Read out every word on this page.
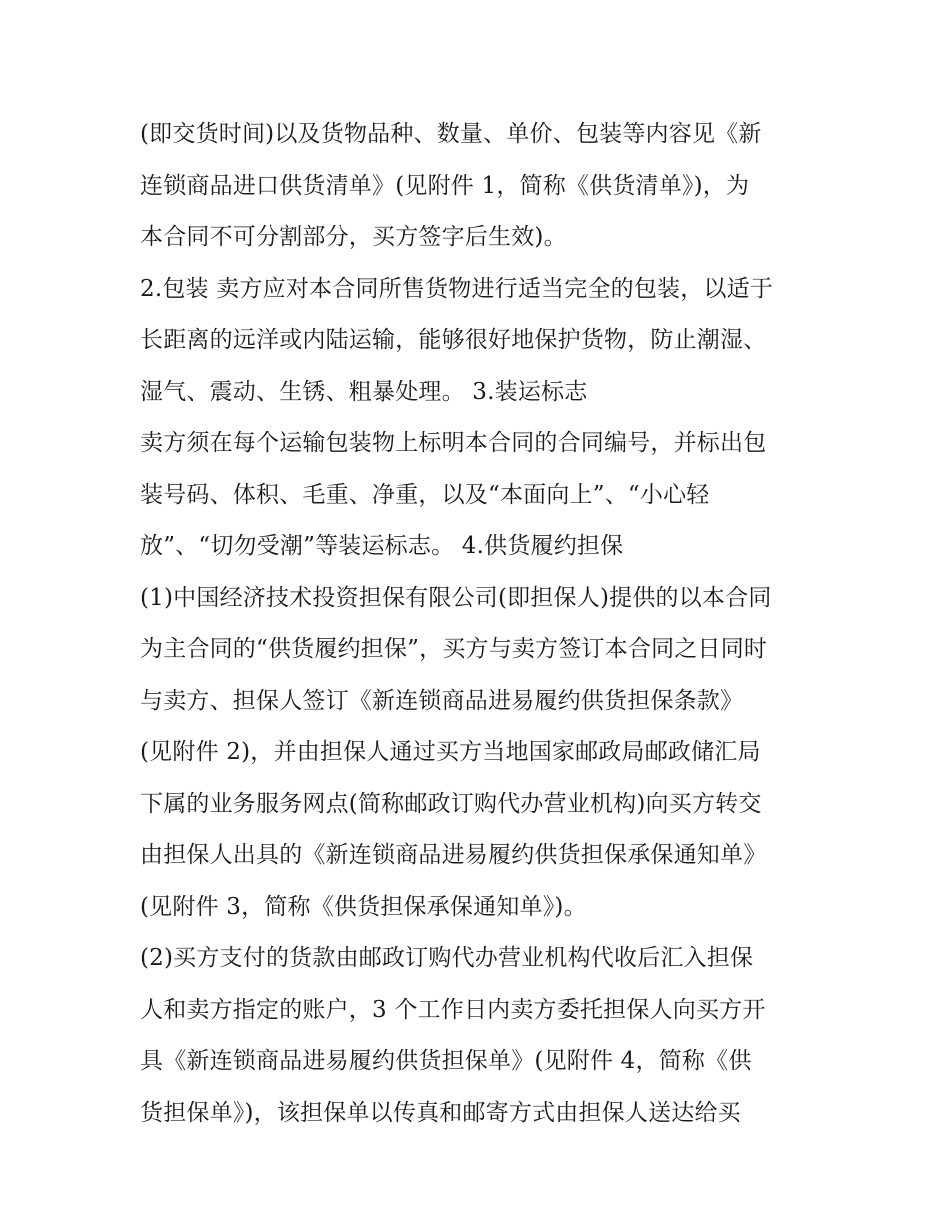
(即交货时间)以及货物品种、数量、单价、包装等内容见《新
连锁商品进口供货清单》(见附件 1，简称《供货清单》)，为
本合同不可分割部分，买方签字后生效)。
2.包装 卖方应对本合同所售货物进行适当完全的包装，以适于
长距离的远洋或内陆运输，能够很好地保护货物，防止潮湿、
湿气、震动、生锈、粗暴处理。 3.装运标志
卖方须在每个运输包装物上标明本合同的合同编号，并标出包
装号码、体积、毛重、净重，以及“本面向上”、“小心轻
放”、“切勿受潮”等装运标志。 4.供货履约担保
(1)中国经济技术投资担保有限公司(即担保人)提供的以本合同
为主合同的“供货履约担保”，买方与卖方签订本合同之日同时
与卖方、担保人签订《新连锁商品进易履约供货担保条款》
(见附件 2)，并由担保人通过买方当地国家邮政局邮政储汇局
下属的业务服务网点(简称邮政订购代办营业机构)向买方转交
由担保人出具的《新连锁商品进易履约供货担保承保通知单》
(见附件 3，简称《供货担保承保通知单》)。
(2)买方支付的货款由邮政订购代办营业机构代收后汇入担保
人和卖方指定的账户，3 个工作日内卖方委托担保人向买方开
具《新连锁商品进易履约供货担保单》(见附件 4，简称《供
货担保单》)，该担保单以传真和邮寄方式由担保人送达给买
